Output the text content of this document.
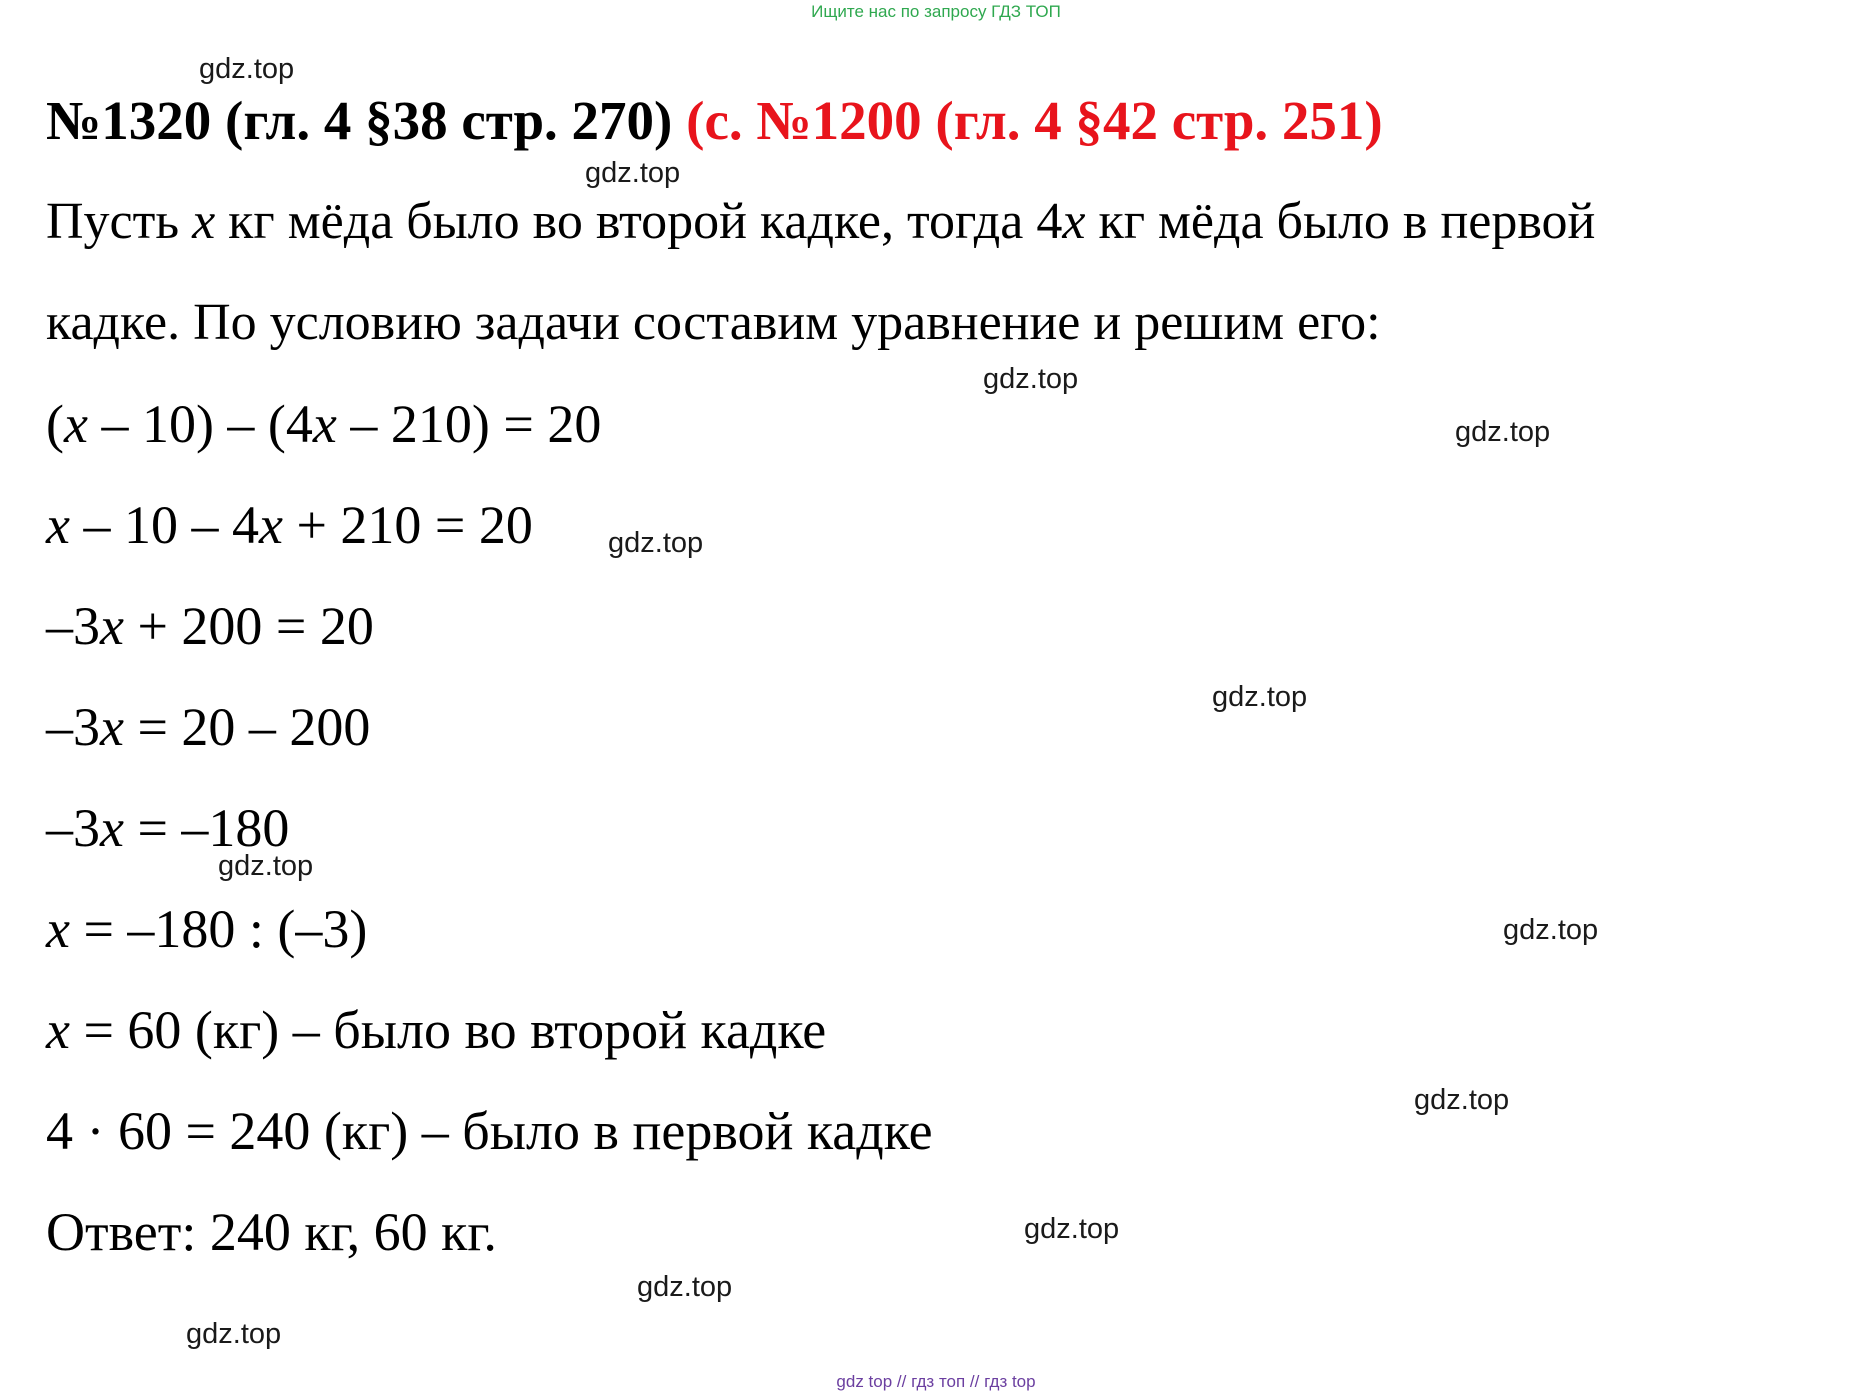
Ищите нас по запросу ГДЗ ТОП
№1320 (гл. 4 §38 стр. 270) (с. №1200 (гл. 4 §42 стр. 251)
Пусть x кг мёда было во второй кадке, тогда 4x кг мёда было в первой
кадке. По условию задачи составим уравнение и решим его:
(x – 10) – (4x – 210) = 20
x – 10 – 4x + 210 = 20
–3x + 200 = 20
–3x = 20 – 200
–3x = –180
x = –180 : (–3)
x = 60 (кг) – было во второй кадке
4 · 60 = 240 (кг) – было в первой кадке
Ответ: 240 кг, 60 кг.
gdz.top
gdz.top
gdz.top
gdz.top
gdz.top
gdz.top
gdz.top
gdz.top
gdz.top
gdz.top
gdz.top
gdz.top
gdz top // гдз топ // гдз top
